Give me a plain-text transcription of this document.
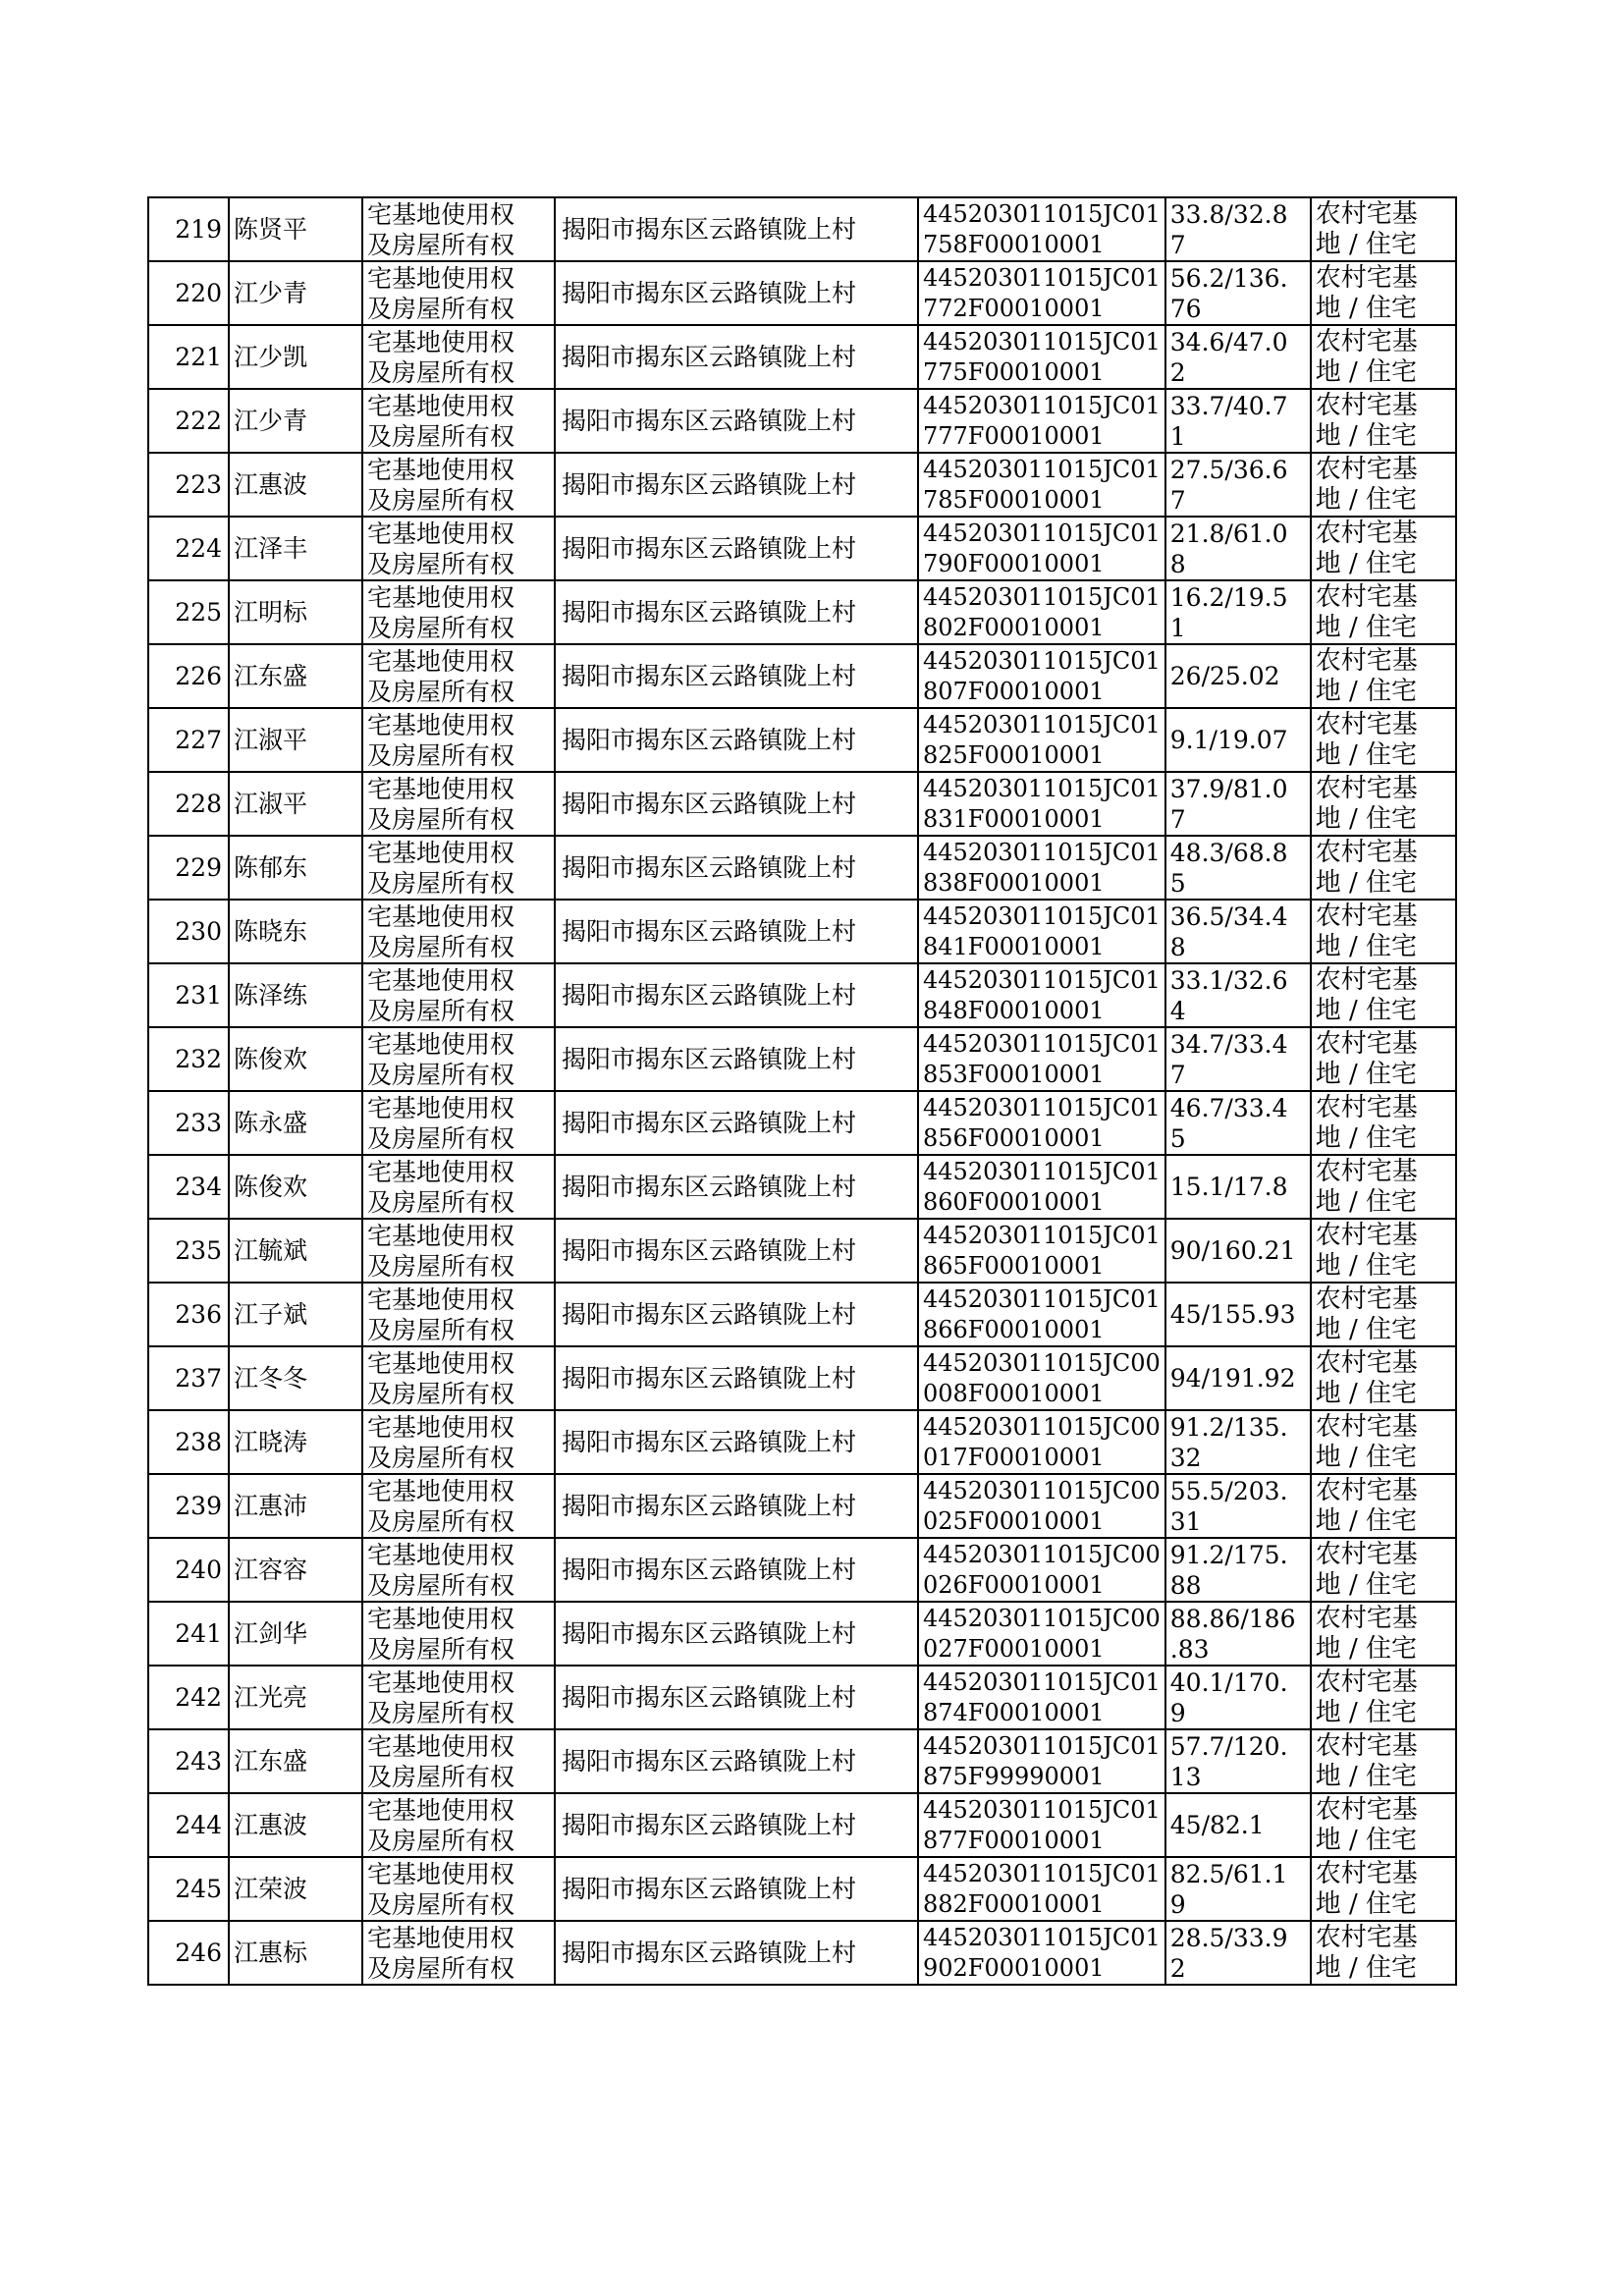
219	陈贤平	宅基地使用权
及房屋所有权	揭阳市揭东区云路镇陇上村	445203011015JC01
758F00010001	33.8/32.8
7	农村宅基
地 / 住宅

220	江少青	宅基地使用权
及房屋所有权	揭阳市揭东区云路镇陇上村	445203011015JC01
772F00010001	56.2/136.
76	农村宅基
地 / 住宅

221	江少凯	宅基地使用权
及房屋所有权	揭阳市揭东区云路镇陇上村	445203011015JC01
775F00010001	34.6/47.0
2	农村宅基
地 / 住宅

222	江少青	宅基地使用权
及房屋所有权	揭阳市揭东区云路镇陇上村	445203011015JC01
777F00010001	33.7/40.7
1	农村宅基
地 / 住宅

223	江惠波	宅基地使用权
及房屋所有权	揭阳市揭东区云路镇陇上村	445203011015JC01
785F00010001	27.5/36.6
7	农村宅基
地 / 住宅

224	江泽丰	宅基地使用权
及房屋所有权	揭阳市揭东区云路镇陇上村	445203011015JC01
790F00010001	21.8/61.0
8	农村宅基
地 / 住宅

225	江明标	宅基地使用权
及房屋所有权	揭阳市揭东区云路镇陇上村	445203011015JC01
802F00010001	16.2/19.5
1	农村宅基
地 / 住宅

226	江东盛	宅基地使用权
及房屋所有权	揭阳市揭东区云路镇陇上村	445203011015JC01
807F00010001	26/25.02	农村宅基
地 / 住宅

227	江淑平	宅基地使用权
及房屋所有权	揭阳市揭东区云路镇陇上村	445203011015JC01
825F00010001	9.1/19.07	农村宅基
地 / 住宅

228	江淑平	宅基地使用权
及房屋所有权	揭阳市揭东区云路镇陇上村	445203011015JC01
831F00010001	37.9/81.0
7	农村宅基
地 / 住宅

229	陈郁东	宅基地使用权
及房屋所有权	揭阳市揭东区云路镇陇上村	445203011015JC01
838F00010001	48.3/68.8
5	农村宅基
地 / 住宅

230	陈晓东	宅基地使用权
及房屋所有权	揭阳市揭东区云路镇陇上村	445203011015JC01
841F00010001	36.5/34.4
8	农村宅基
地 / 住宅

231	陈泽练	宅基地使用权
及房屋所有权	揭阳市揭东区云路镇陇上村	445203011015JC01
848F00010001	33.1/32.6
4	农村宅基
地 / 住宅

232	陈俊欢	宅基地使用权
及房屋所有权	揭阳市揭东区云路镇陇上村	445203011015JC01
853F00010001	34.7/33.4
7	农村宅基
地 / 住宅

233	陈永盛	宅基地使用权
及房屋所有权	揭阳市揭东区云路镇陇上村	445203011015JC01
856F00010001	46.7/33.4
5	农村宅基
地 / 住宅

234	陈俊欢	宅基地使用权
及房屋所有权	揭阳市揭东区云路镇陇上村	445203011015JC01
860F00010001	15.1/17.8	农村宅基
地 / 住宅

235	江毓斌	宅基地使用权
及房屋所有权	揭阳市揭东区云路镇陇上村	445203011015JC01
865F00010001	90/160.21	农村宅基
地 / 住宅

236	江子斌	宅基地使用权
及房屋所有权	揭阳市揭东区云路镇陇上村	445203011015JC01
866F00010001	45/155.93	农村宅基
地 / 住宅

237	江冬冬	宅基地使用权
及房屋所有权	揭阳市揭东区云路镇陇上村	445203011015JC00
008F00010001	94/191.92	农村宅基
地 / 住宅

238	江晓涛	宅基地使用权
及房屋所有权	揭阳市揭东区云路镇陇上村	445203011015JC00
017F00010001	91.2/135.
32	农村宅基
地 / 住宅

239	江惠沛	宅基地使用权
及房屋所有权	揭阳市揭东区云路镇陇上村	445203011015JC00
025F00010001	55.5/203.
31	农村宅基
地 / 住宅

240	江容容	宅基地使用权
及房屋所有权	揭阳市揭东区云路镇陇上村	445203011015JC00
026F00010001	91.2/175.
88	农村宅基
地 / 住宅

241	江剑华	宅基地使用权
及房屋所有权	揭阳市揭东区云路镇陇上村	445203011015JC00
027F00010001	88.86/186
.83	农村宅基
地 / 住宅

242	江光亮	宅基地使用权
及房屋所有权	揭阳市揭东区云路镇陇上村	445203011015JC01
874F00010001	40.1/170.
9	农村宅基
地 / 住宅

243	江东盛	宅基地使用权
及房屋所有权	揭阳市揭东区云路镇陇上村	445203011015JC01
875F99990001	57.7/120.
13	农村宅基
地 / 住宅

244	江惠波	宅基地使用权
及房屋所有权	揭阳市揭东区云路镇陇上村	445203011015JC01
877F00010001	45/82.1	农村宅基
地 / 住宅

245	江荣波	宅基地使用权
及房屋所有权	揭阳市揭东区云路镇陇上村	445203011015JC01
882F00010001	82.5/61.1
9	农村宅基
地 / 住宅

246	江惠标	宅基地使用权
及房屋所有权	揭阳市揭东区云路镇陇上村	445203011015JC01
902F00010001	28.5/33.9
2	农村宅基
地 / 住宅
